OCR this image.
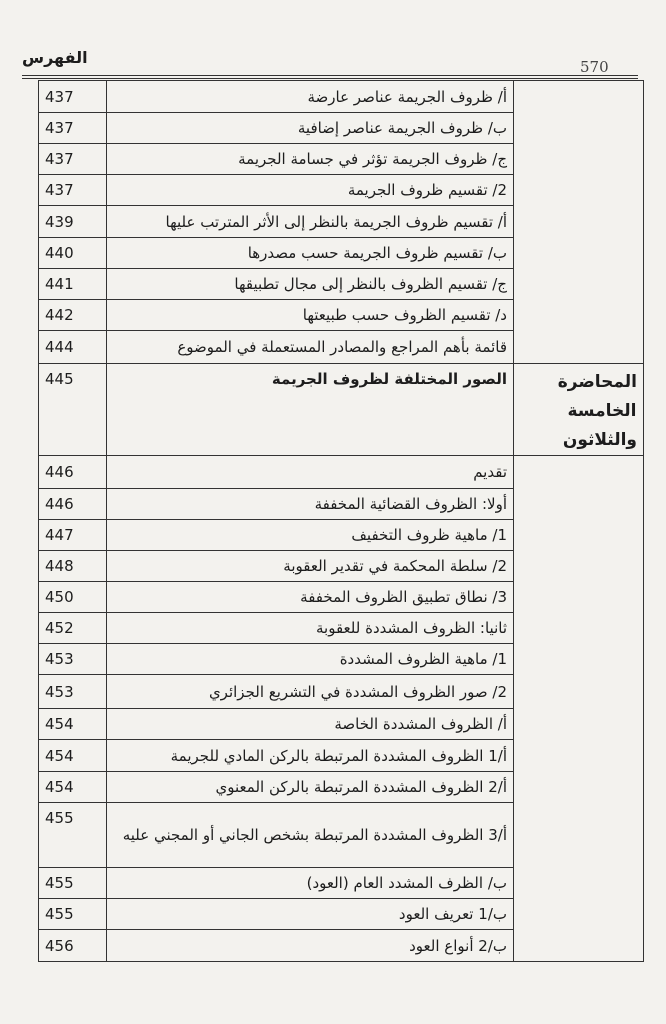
570
الفهرس
437	أ/ ظروف الجريمة عناصر عارضة	
437	ب/ ظروف الجريمة عناصر إضافية	
437	ج/ ظروف الجريمة تؤثر في جسامة الجريمة	
437	2/ تقسيم ظروف الجريمة	
439	أ/ تقسيم ظروف الجريمة بالنظر إلى الأثر المترتب عليها	
440	ب/ تقسيم ظروف الجريمة حسب مصدرها	
441	ج/ تقسيم الظروف بالنظر إلى مجال تطبيقها	
442	د/ تقسيم الظروف حسب طبيعتها	
444	قائمة بأهم المراجع والمصادر المستعملة في الموضوع	
445	الصور المختلفة لظروف الجريمة	المحاضرة الخامسة والثلاثون

446	تقديم	
446	أولا: الظروف القضائية المخففة	
447	1/ ماهية ظروف التخفيف	
448	2/ سلطة المحكمة في تقدير العقوبة	
450	3/ نطاق تطبيق الظروف المخففة	
452	ثانيا: الظروف المشددة للعقوبة	
453	1/ ماهية الظروف المشددة	
453	2/ صور الظروف المشددة في التشريع الجزائري	
454	أ/ الظروف المشددة الخاصة	
454	أ/1 الظروف المشددة المرتبطة بالركن المادي للجريمة	
454	أ/2 الظروف المشددة المرتبطة بالركن المعنوي	
455	أ/3 الظروف المشددة المرتبطة بشخص الجاني أو المجني عليه	
455	ب/ الظرف المشدد العام (العود)	
455	ب/1 تعريف العود	
456	ب/2 أنواع العود	
